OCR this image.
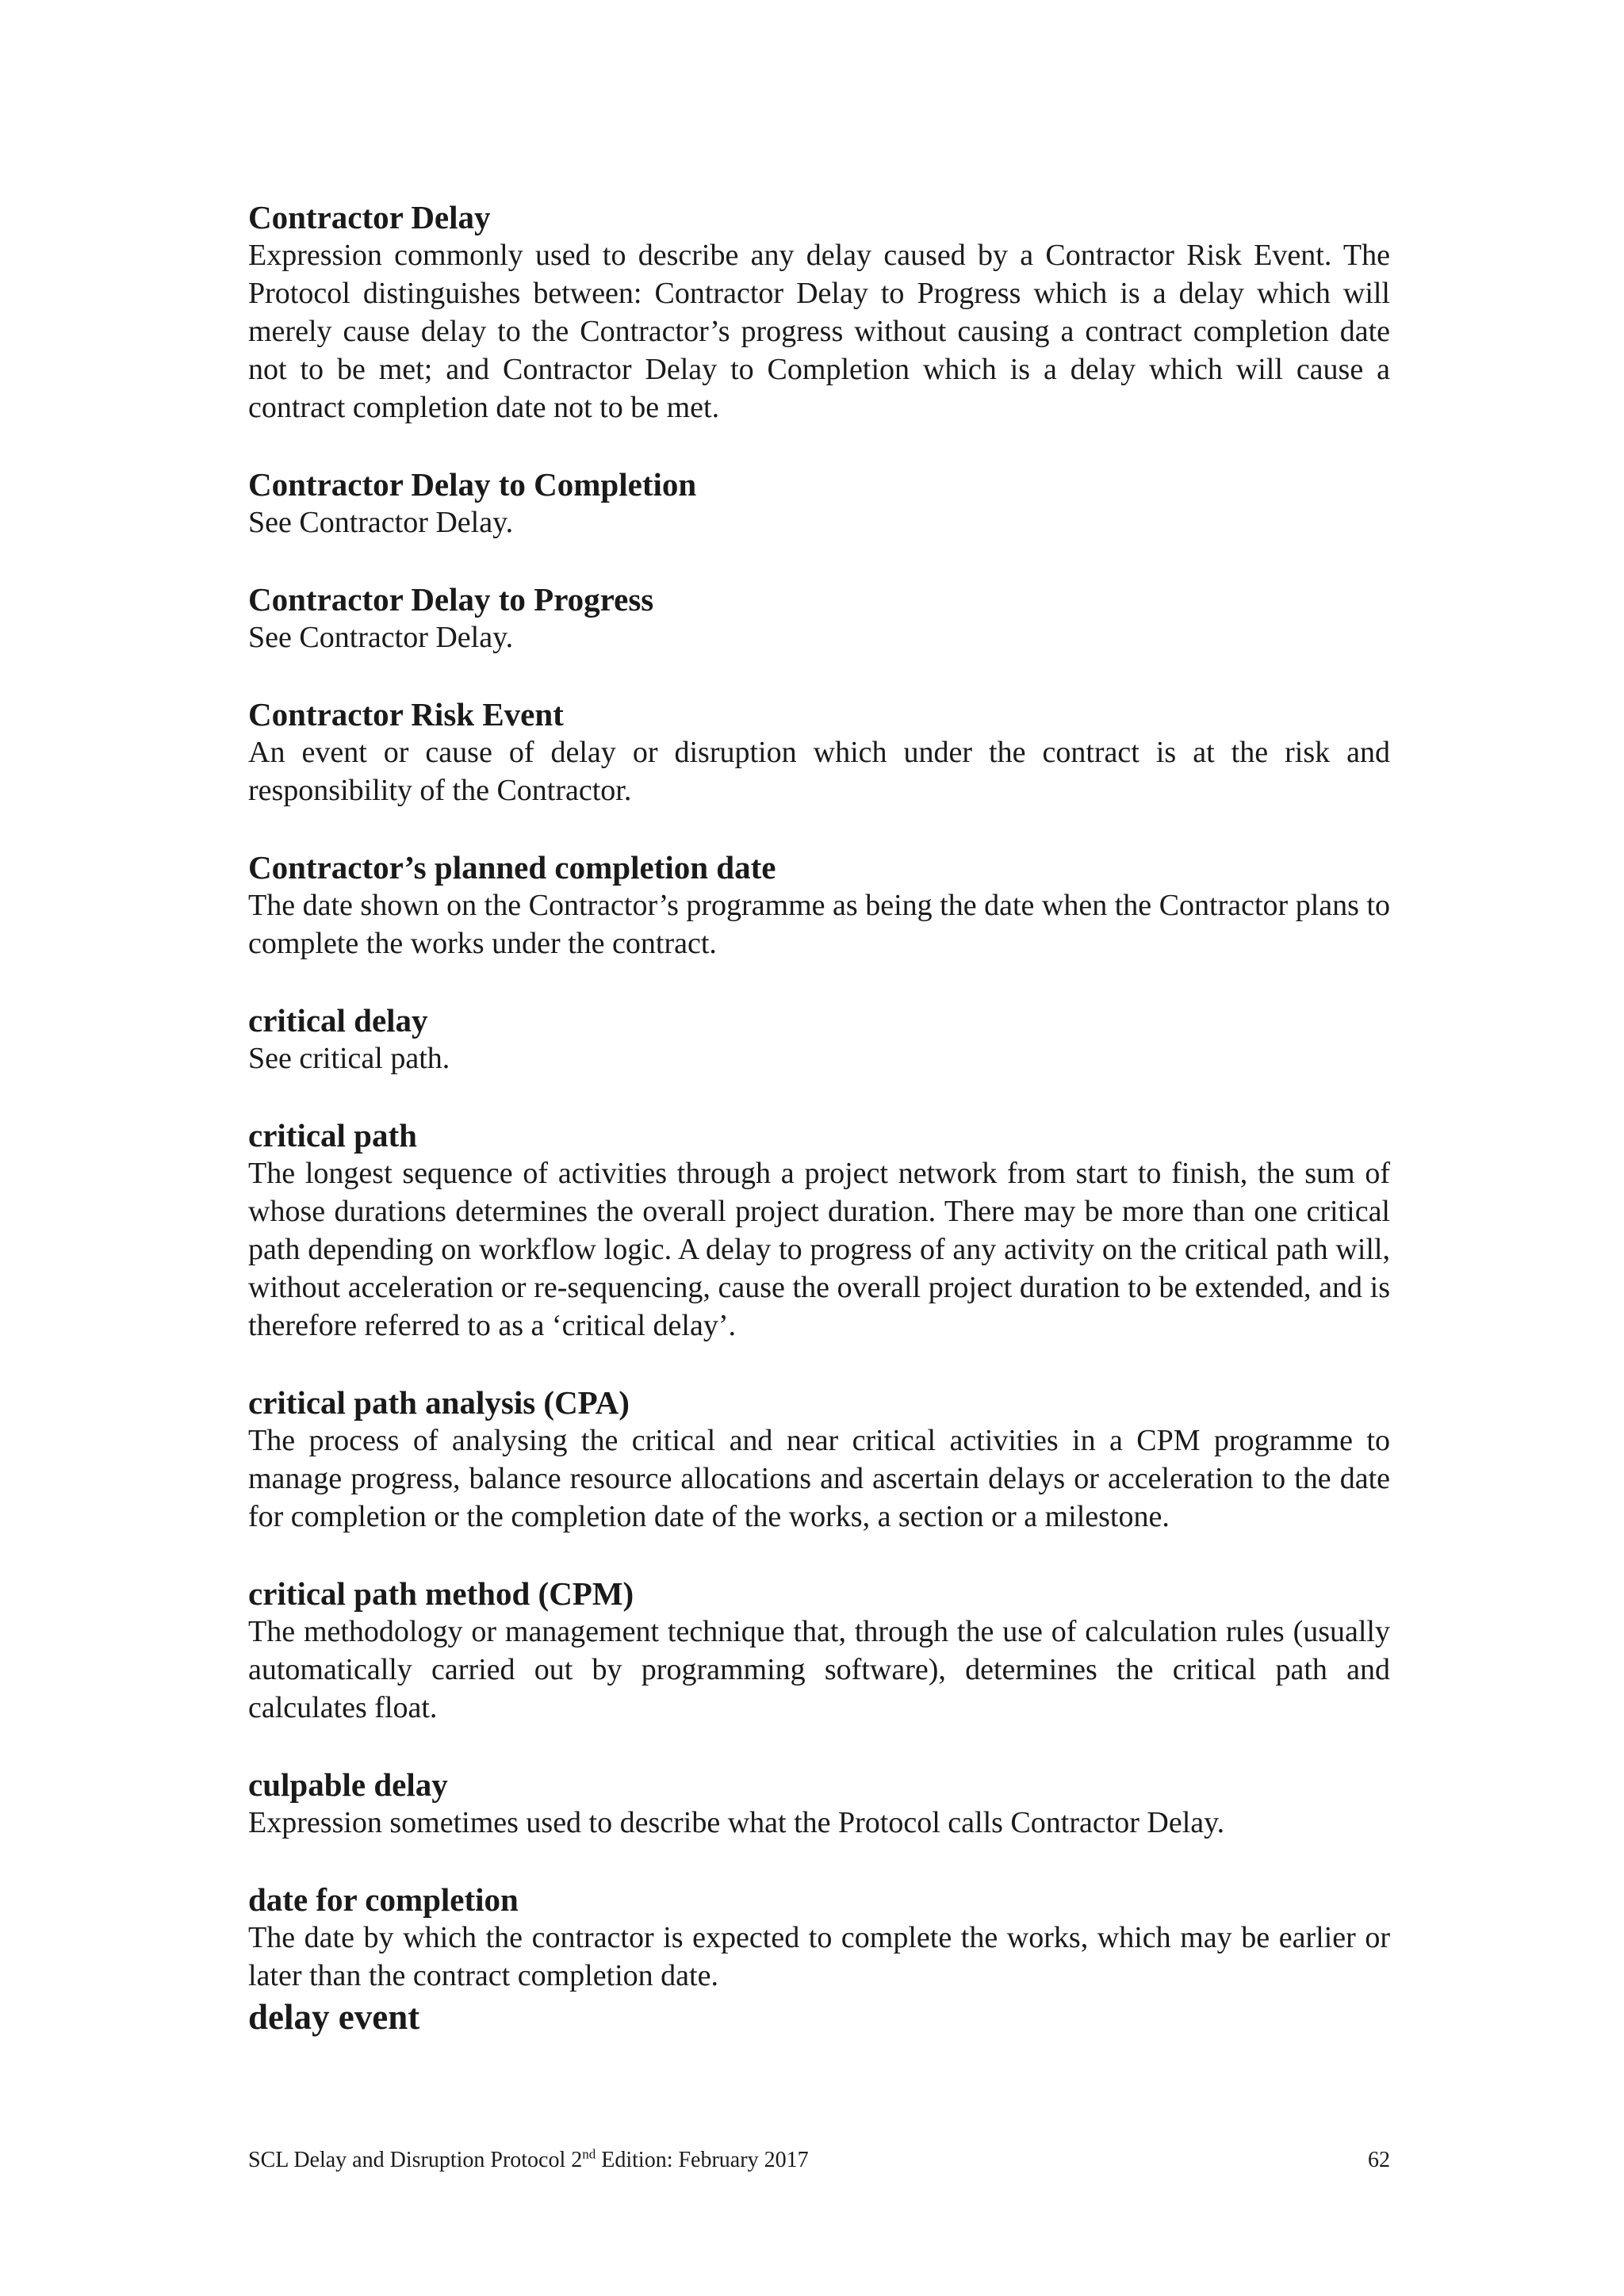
Contractor Delay

Expression commonly used to describe any delay caused by a Contractor Risk Event. The Protocol distinguishes between: Contractor Delay to Progress which is a delay which will merely cause delay to the Contractor’s progress without causing a contract completion date not to be met; and Contractor Delay to Completion which is a delay which will cause a contract completion date not to be met.

Contractor Delay to Completion

See Contractor Delay.

Contractor Delay to Progress

See Contractor Delay.

Contractor Risk Event

An event or cause of delay or disruption which under the contract is at the risk and responsibility of the Contractor.

Contractor’s planned completion date

The date shown on the Contractor’s programme as being the date when the Contractor plans to complete the works under the contract.

critical delay

See critical path.

critical path

The longest sequence of activities through a project network from start to finish, the sum of whose durations determines the overall project duration. There may be more than one critical path depending on workflow logic. A delay to progress of any activity on the critical path will, without acceleration or re-sequencing, cause the overall project duration to be extended, and is therefore referred to as a ‘critical delay’.

critical path analysis (CPA)

The process of analysing the critical and near critical activities in a CPM programme to manage progress, balance resource allocations and ascertain delays or acceleration to the date for completion or the completion date of the works, a section or a milestone.

critical path method (CPM)

The methodology or management technique that, through the use of calculation rules (usually automatically carried out by programming software), determines the critical path and calculates float.

culpable delay

Expression sometimes used to describe what the Protocol calls Contractor Delay.

date for completion

The date by which the contractor is expected to complete the works, which may be earlier or later than the contract completion date.

delay event

SCL Delay and Disruption Protocol 2nd Edition: February 2017	62
